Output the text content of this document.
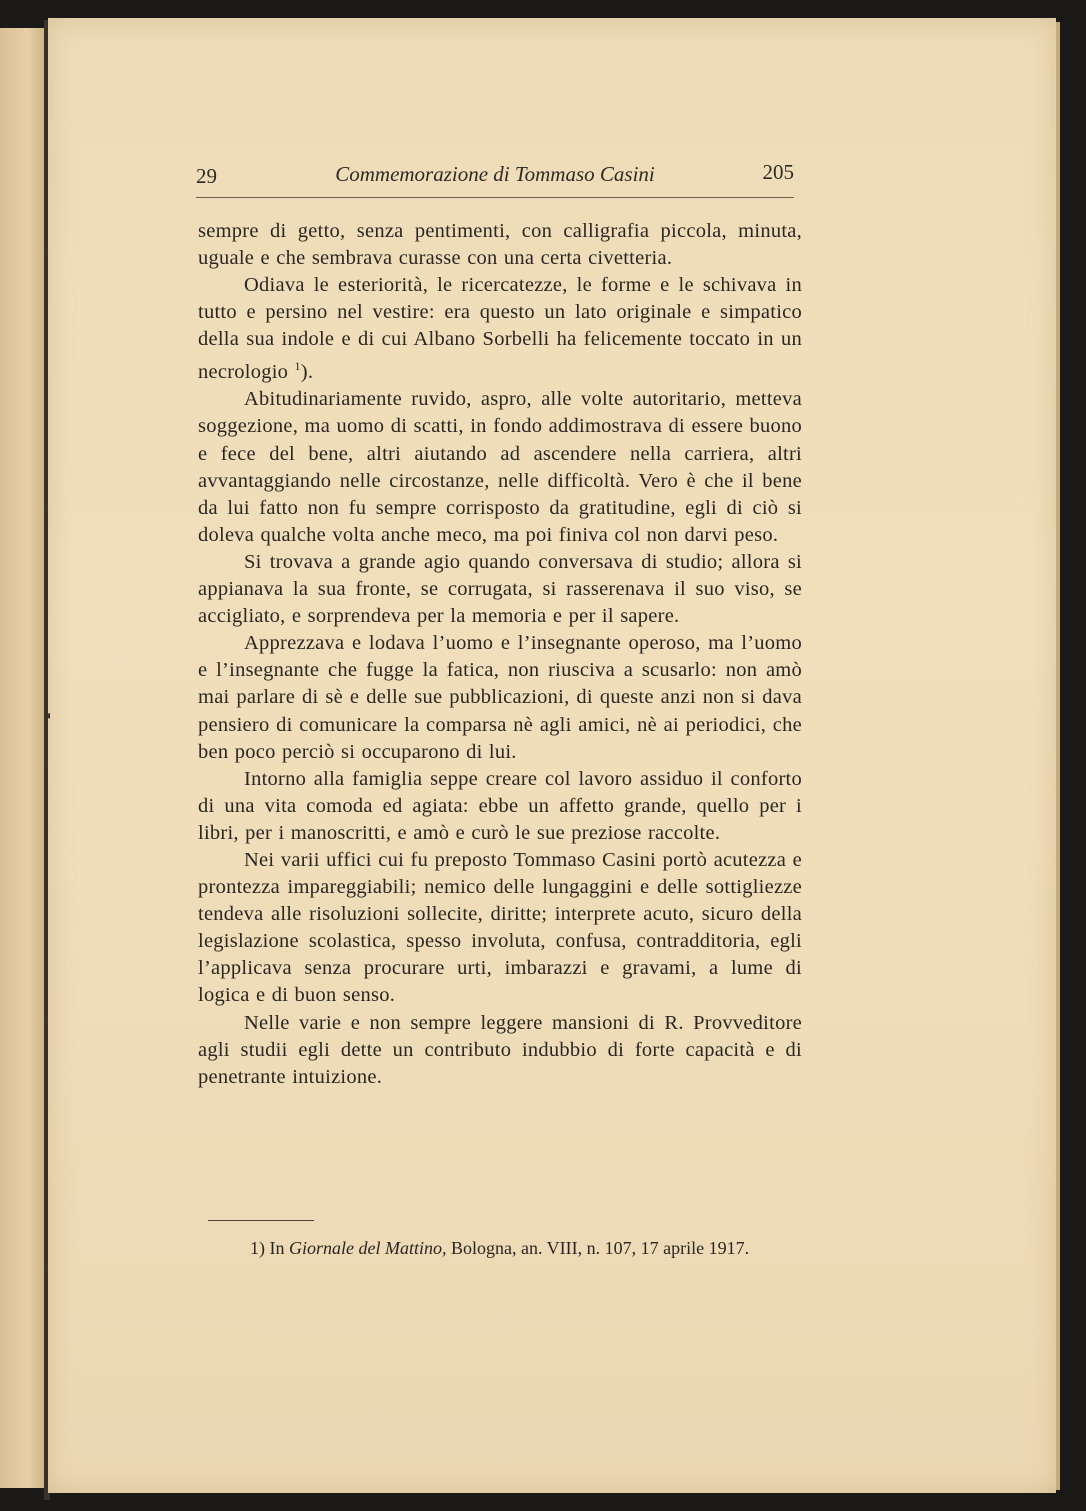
◂
29	Commemorazione di Tommaso Casini	205

sempre di getto, senza pentimenti, con calligrafia piccola, minuta, uguale e che sembrava curasse con una certa civetteria.

Odiava le esteriorità, le ricercatezze, le forme e le schivava in tutto e persino nel vestire: era questo un lato originale e simpatico della sua indole e di cui Albano Sorbelli ha felicemente toccato in un necrologio $^1$).

Abitudinariamente ruvido, aspro, alle volte autoritario, metteva soggezione, ma uomo di scatti, in fondo addimostrava di essere buono e fece del bene, altri aiutando ad ascendere nella carriera, altri avvantaggiando nelle circostanze, nelle difficoltà. Vero è che il bene da lui fatto non fu sempre corrisposto da gratitudine, egli di ciò si doleva qualche volta anche meco, ma poi finiva col non darvi peso.

Si trovava a grande agio quando conversava di studio; allora si appianava la sua fronte, se corrugata, si rasserenava il suo viso, se accigliato, e sorprendeva per la memoria e per il sapere.

Apprezzava e lodava l’uomo e l’insegnante operoso, ma l’uomo e l’insegnante che fugge la fatica, non riusciva a scusarlo: non amò mai parlare di sè e delle sue pubblicazioni, di queste anzi non si dava pensiero di comunicare la comparsa nè agli amici, nè ai periodici, che ben poco perciò si occuparono di lui.

Intorno alla famiglia seppe creare col lavoro assiduo il conforto di una vita comoda ed agiata: ebbe un affetto grande, quello per i libri, per i manoscritti, e amò e curò le sue preziose raccolte.

Nei varii uffici cui fu preposto Tommaso Casini portò acutezza e prontezza impareggiabili; nemico delle lungaggini e delle sottigliezze tendeva alle risoluzioni sollecite, diritte; interprete acuto, sicuro della legislazione scolastica, spesso involuta, confusa, contradditoria, egli l’applicava senza procurare urti, imbarazzi e gravami, a lume di logica e di buon senso.

Nelle varie e non sempre leggere mansioni di R. Provveditore agli studii egli dette un contributo indubbio di forte capacità e di penetrante intuizione.

1) In Giornale del Mattino, Bologna, an. VIII, n. 107, 17 aprile 1917.
